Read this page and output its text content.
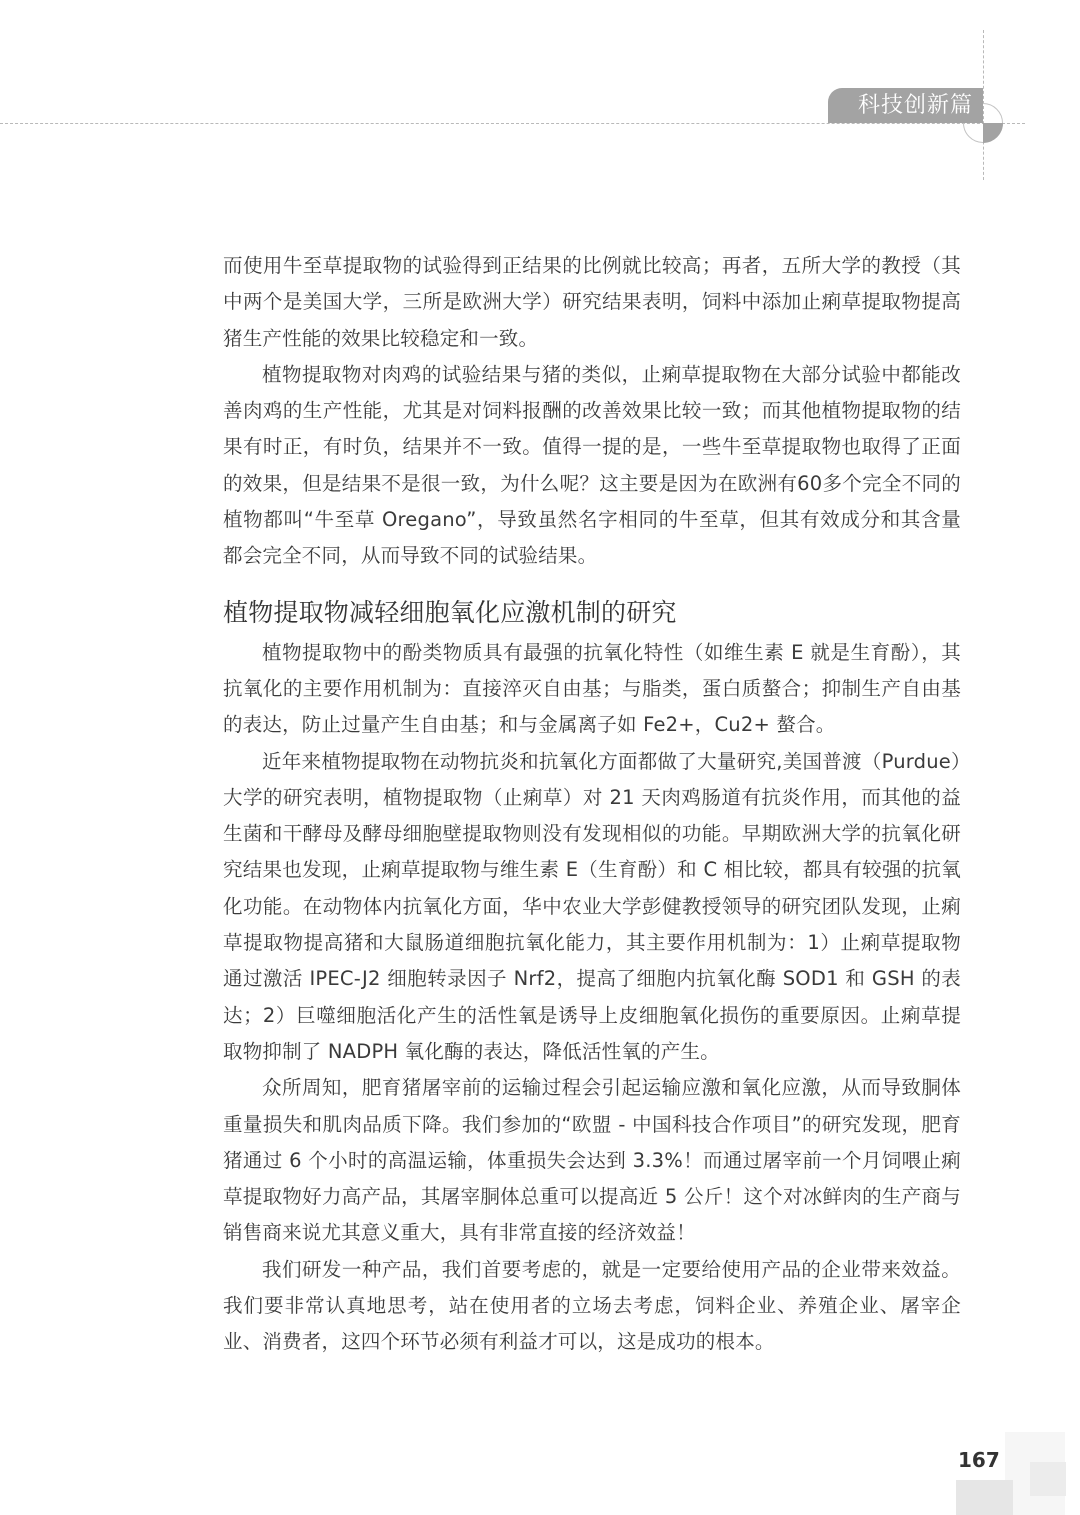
科技创新篇

而使用牛至草提取物的试验得到正结果的比例就比较高；再者，五所大学的教授（其中两个是美国大学，三所是欧洲大学）研究结果表明，饲料中添加止痢草提取物提高猪生产性能的效果比较稳定和一致。

植物提取物对肉鸡的试验结果与猪的类似，止痢草提取物在大部分试验中都能改善肉鸡的生产性能，尤其是对饲料报酬的改善效果比较一致；而其他植物提取物的结果有时正，有时负，结果并不一致。值得一提的是，一些牛至草提取物也取得了正面的效果，但是结果不是很一致，为什么呢？这主要是因为在欧洲有60多个完全不同的植物都叫“牛至草 Oregano”，导致虽然名字相同的牛至草，但其有效成分和其含量都会完全不同，从而导致不同的试验结果。

植物提取物减轻细胞氧化应激机制的研究

植物提取物中的酚类物质具有最强的抗氧化特性（如维生素 E 就是生育酚），其抗氧化的主要作用机制为：直接淬灭自由基；与脂类，蛋白质螯合；抑制生产自由基的表达，防止过量产生自由基；和与金属离子如 Fe2+，Cu2+ 螯合。

近年来植物提取物在动物抗炎和抗氧化方面都做了大量研究,美国普渡（Purdue）大学的研究表明，植物提取物（止痢草）对 21 天肉鸡肠道有抗炎作用，而其他的益生菌和干酵母及酵母细胞壁提取物则没有发现相似的功能。早期欧洲大学的抗氧化研究结果也发现，止痢草提取物与维生素 E（生育酚）和 C 相比较，都具有较强的抗氧化功能。在动物体内抗氧化方面，华中农业大学彭健教授领导的研究团队发现，止痢草提取物提高猪和大鼠肠道细胞抗氧化能力，其主要作用机制为：1）止痢草提取物通过激活 IPEC-J2 细胞转录因子 Nrf2，提高了细胞内抗氧化酶 SOD1 和 GSH 的表达；2）巨噬细胞活化产生的活性氧是诱导上皮细胞氧化损伤的重要原因。止痢草提取物抑制了 NADPH 氧化酶的表达，降低活性氧的产生。

众所周知，肥育猪屠宰前的运输过程会引起运输应激和氧化应激，从而导致胴体重量损失和肌肉品质下降。我们参加的“欧盟 - 中国科技合作项目”的研究发现，肥育猪通过 6 个小时的高温运输，体重损失会达到 3.3%！而通过屠宰前一个月饲喂止痢草提取物好力高产品，其屠宰胴体总重可以提高近 5 公斤！这个对冰鲜肉的生产商与销售商来说尤其意义重大，具有非常直接的经济效益！

我们研发一种产品，我们首要考虑的，就是一定要给使用产品的企业带来效益。我们要非常认真地思考，站在使用者的立场去考虑，饲料企业、养殖企业、屠宰企业、消费者，这四个环节必须有利益才可以，这是成功的根本。

167
